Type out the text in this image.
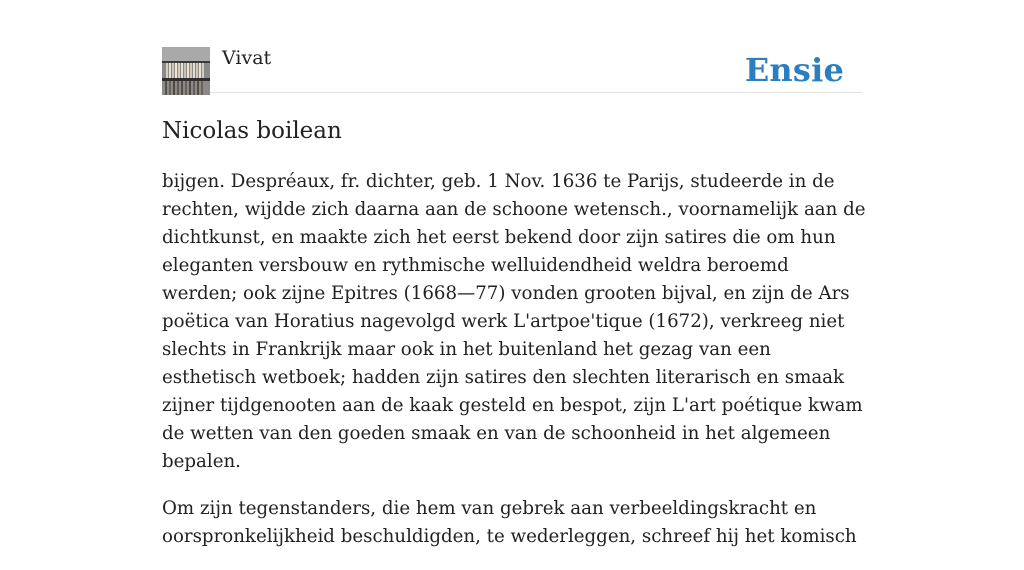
Vivat	Ensie
Nicolas boilean

bijgen. Despréaux, fr. dichter, geb. 1 Nov. 1636 te Parijs, studeerde in de rechten, wijdde zich daarna aan de schoone wetensch., voornamelijk aan de dichtkunst, en maakte zich het eerst bekend door zijn satires die om hun eleganten versbouw en rythmische welluidendheid weldra beroemd werden; ook zijne Epitres (1668—77) vonden grooten bijval, en zijn de Ars poëtica van Horatius nagevolgd werk L'artpoe'tique (1672), verkreeg niet slechts in Frankrijk maar ook in het buitenland het gezag van een esthetisch wetboek; hadden zijn satires den slechten literarisch en smaak zijner tijdgenooten aan de kaak gesteld en bespot, zijn L'art poétique kwam de wetten van den goeden smaak en van de schoonheid in het algemeen bepalen.

Om zijn tegenstanders, die hem van gebrek aan verbeeldingskracht en oorspronkelijkheid beschuldigden, te wederleggen, schreef hij het komisch
